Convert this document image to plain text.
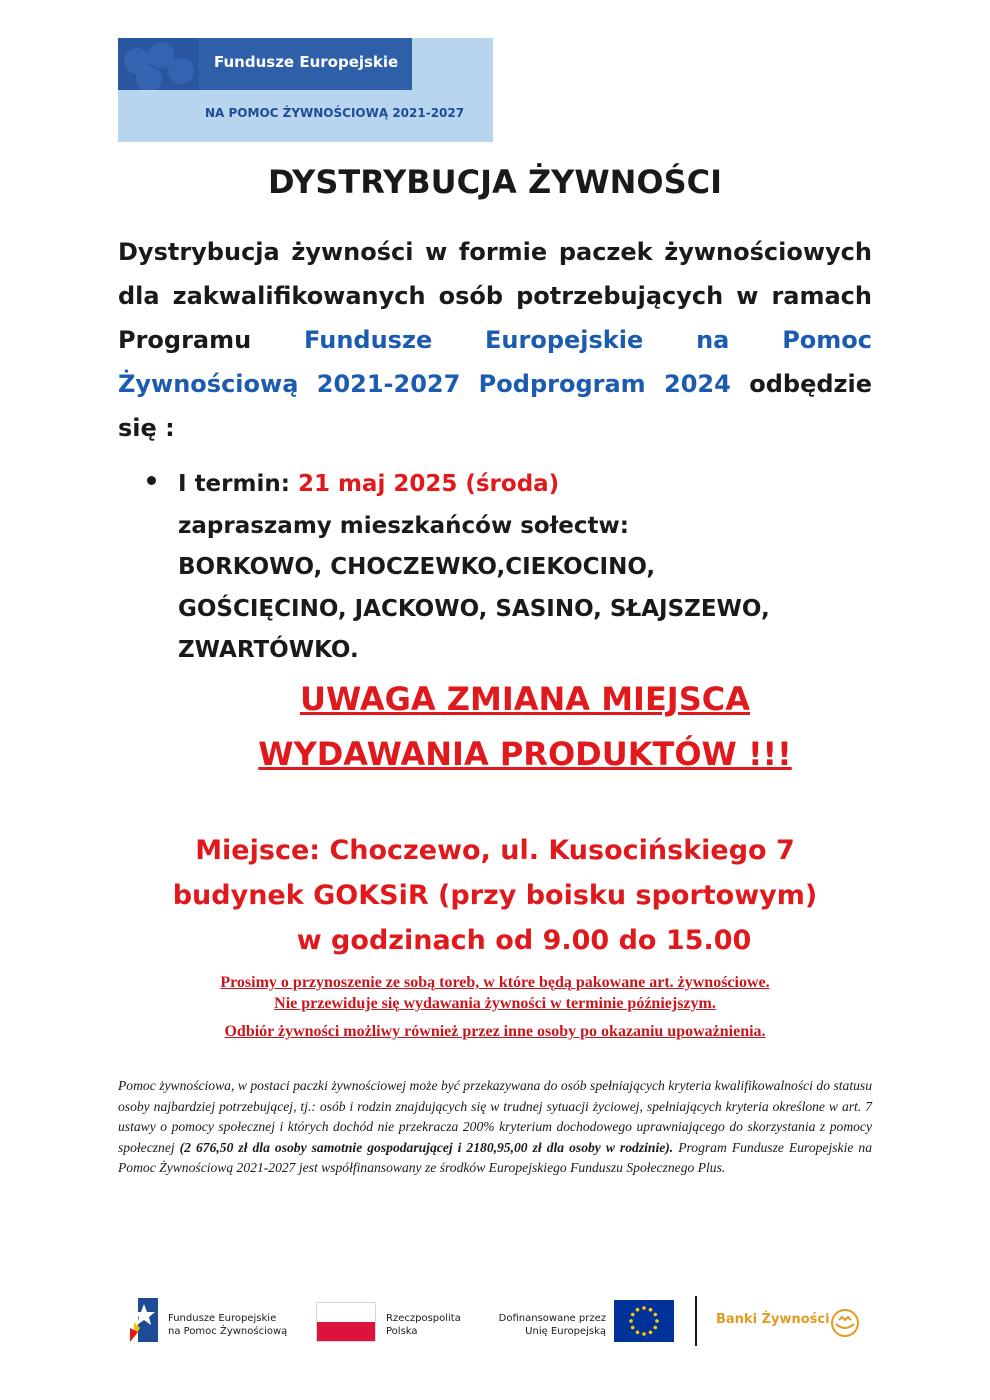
Fundusze Europejskie
NA POMOC ŻYWNOŚCIOWĄ 2021-2027
DYSTRYBUCJA ŻYWNOŚCI
Dystrybucja żywności w formie paczek żywnościowych dla zakwalifikowanych osób potrzebujących w ramach Programu Fundusze Europejskie na Pomoc Żywnościową 2021-2027 Podprogram 2024 odbędzie się :
I termin: 21 maj 2025 (środa)
zapraszamy mieszkańców sołectw:
BORKOWO, CHOCZEWKO,CIEKOCINO,
GOŚCIĘCINO, JACKOWO, SASINO, SŁAJSZEWO,
ZWARTÓWKO.
UWAGA ZMIANA MIEJSCA
WYDAWANIA PRODUKTÓW !!!
Miejsce: Choczewo, ul. Kusocińskiego 7
budynek GOKSiR (przy boisku sportowym)
w godzinach od 9.00 do 15.00
Prosimy o przynoszenie ze sobą toreb, w które będą pakowane art. żywnościowe.
Nie przewiduje się wydawania żywności w terminie późniejszym.
Odbiór żywności możliwy również przez inne osoby po okazaniu upoważnienia.
Pomoc żywnościowa, w postaci paczki żywnościowej może być przekazywana do osób spełniających kryteria kwalifikowalności do statusu osoby najbardziej potrzebującej, tj.: osób i rodzin znajdujących się w trudnej sytuacji życiowej, spełniających kryteria określone w art. 7 ustawy o pomocy społecznej i których dochód nie przekracza 200% kryterium dochodowego uprawniającego do skorzystania z pomocy społecznej (2 676,50 zł dla osoby samotnie gospodarującej i 2180,95,00 zł dla osoby w rodzinie). Program Fundusze Europejskie na Pomoc Żywnościową 2021-2027 jest współfinansowany ze środków Europejskiego Funduszu Społecznego Plus.
Fundusze Europejskie
na Pomoc Żywnościową
Rzeczpospolita
Polska
Dofinansowane przez
Unię Europejską
Banki Żywności
